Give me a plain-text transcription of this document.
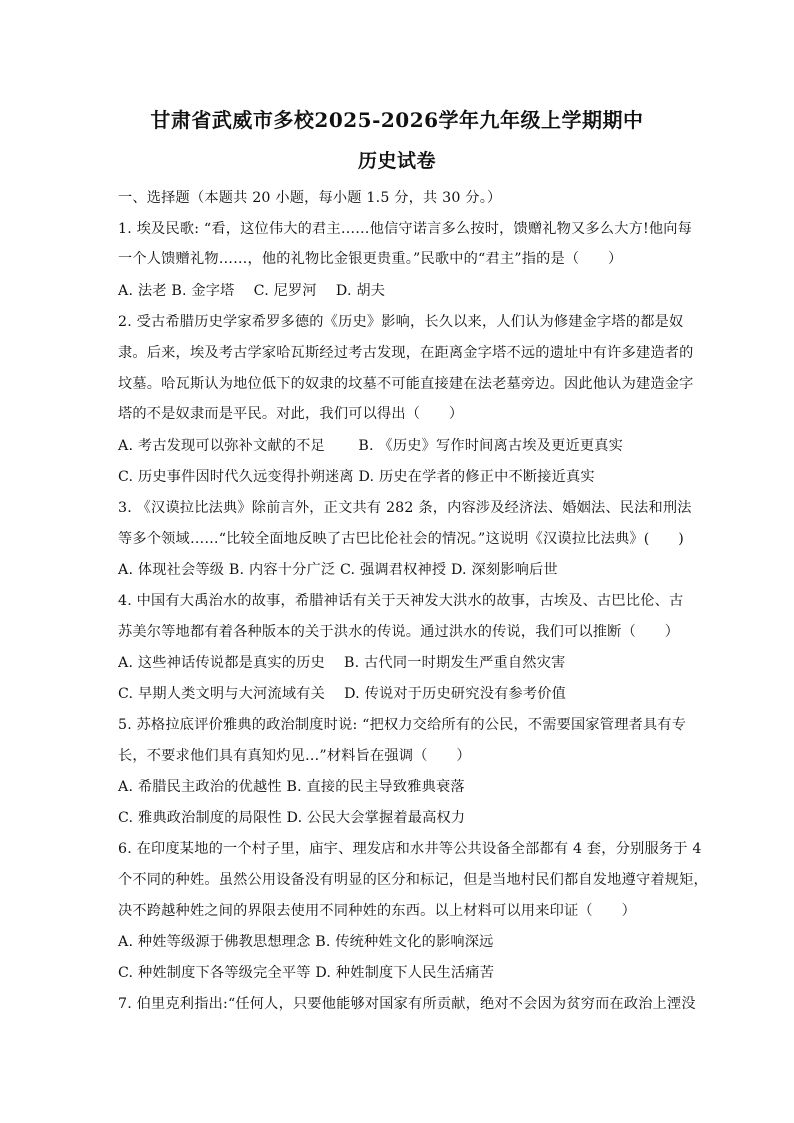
甘肃省武威市多校2025-2026学年九年级上学期期中
历史试卷
一、选择题（本题共 20 小题，每小题 1.5 分，共 30 分。）
1. 埃及民歌: “看，这位伟大的君主……他信守诺言多么按时，馈赠礼物又多么大方!他向每
一个人馈赠礼物……，他的礼物比金银更贵重。”民歌中的“君主”指的是（　　）
A. 法老 B. 金字塔　 C. 尼罗河　 D. 胡夫
2. 受古希腊历史学家希罗多德的《历史》影响，长久以来，人们认为修建金字塔的都是奴
隶。后来，埃及考古学家哈瓦斯经过考古发现，在距离金字塔不远的遗址中有许多建造者的
坟墓。哈瓦斯认为地位低下的奴隶的坟墓不可能直接建在法老墓旁边。因此他认为建造金字
塔的不是奴隶而是平民。对此，我们可以得出（　　）
A. 考古发现可以弥补文献的不足　　 B. 《历史》写作时间离古埃及更近更真实
C. 历史事件因时代久远变得扑朔迷离 D. 历史在学者的修正中不断接近真实
3. 《汉谟拉比法典》除前言外，正文共有 282 条，内容涉及经济法、婚姻法、民法和刑法
等多个领域……“比较全面地反映了古巴比伦社会的情况。”这说明《汉谟拉比法典》(　　)
A. 体现社会等级 B. 内容十分广泛 C. 强调君权神授 D. 深刻影响后世
4. 中国有大禹治水的故事，希腊神话有关于天神发大洪水的故事，古埃及、古巴比伦、古
苏美尔等地都有着各种版本的关于洪水的传说。通过洪水的传说，我们可以推断（　　）
A. 这些神话传说都是真实的历史　 B. 古代同一时期发生严重自然灾害
C. 早期人类文明与大河流域有关　 D. 传说对于历史研究没有参考价值
5. 苏格拉底评价雅典的政治制度时说: “把权力交给所有的公民，不需要国家管理者具有专
长，不要求他们具有真知灼见…”材料旨在强调（　　）
A. 希腊民主政治的优越性 B. 直接的民主导致雅典衰落
C. 雅典政治制度的局限性 D. 公民大会掌握着最高权力
6. 在印度某地的一个村子里，庙宇、理发店和水井等公共设备全部都有 4 套，分别服务于 4
个不同的种姓。虽然公用设备没有明显的区分和标记，但是当地村民们都自发地遵守着规矩，
决不跨越种姓之间的界限去使用不同种姓的东西。以上材料可以用来印证（　　）
A. 种姓等级源于佛教思想理念 B. 传统种姓文化的影响深远
C. 种姓制度下各等级完全平等 D. 种姓制度下人民生活痛苦
7. 伯里克利指出:“任何人，只要他能够对国家有所贡献，绝对不会因为贫穷而在政治上湮没
